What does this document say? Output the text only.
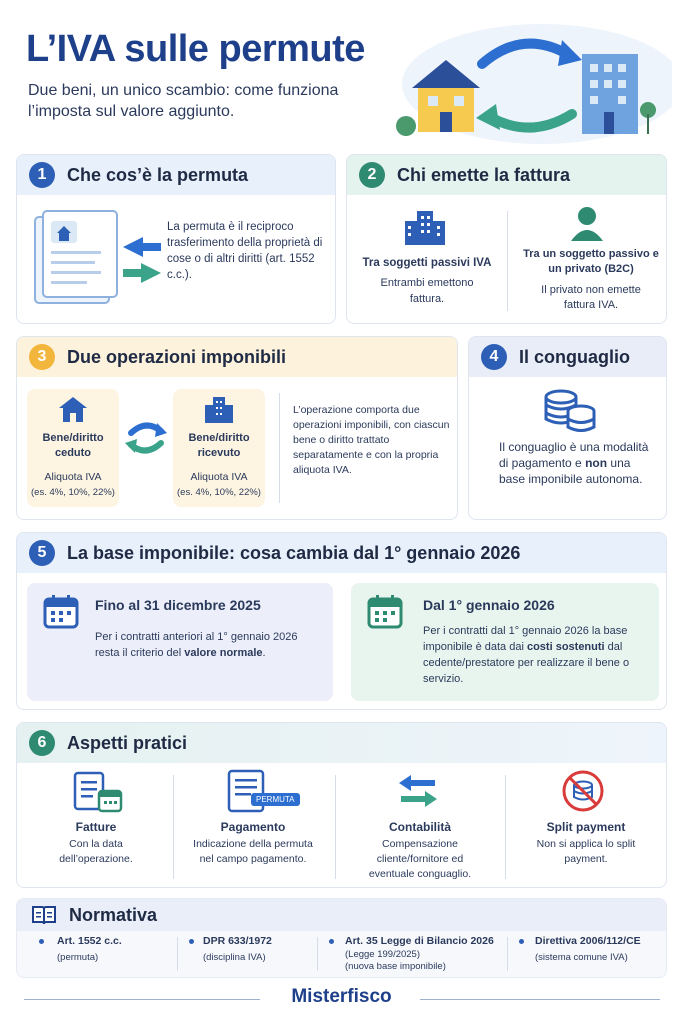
L’IVA sulle permute
Due beni, un unico scambio: come funziona l’imposta sul valore aggiunto.
1	Che cos’è la permuta
La permuta è il reciproco trasferimento della proprietà di cose o di altri diritti (art. 1552 c.c.).
2	Chi emette la fattura
Tra soggetti passivi IVA
Entrambi emettono fattura.
Tra un soggetto passivo e un privato (B2C)
Il privato non emette fattura IVA.
3	Due operazioni imponibili
Bene/diritto ceduto
Aliquota IVA
(es. 4%, 10%, 22%)
Bene/diritto ricevuto
Aliquota IVA
(es. 4%, 10%, 22%)
L’operazione comporta due operazioni imponibili, con ciascun bene o diritto trattato separatamente e con la propria aliquota IVA.
4	Il conguaglio
Il conguaglio è una modalità di pagamento e non una base imponibile autonoma.
5	La base imponibile: cosa cambia dal 1° gennaio 2026
Fino al 31 dicembre 2025
Per i contratti anteriori al 1° gennaio 2026 resta il criterio del valore normale.
Dal 1° gennaio 2026
Per i contratti dal 1° gennaio 2026 la base imponibile è data dai costi sostenuti dal cedente/prestatore per realizzare il bene o servizio.
6	Aspetti pratici
Fatture
Con la data dell’operazione.
PERMUTA
Pagamento
Indicazione della permuta nel campo pagamento.
Contabilità
Compensazione cliente/fornitore ed eventuale conguaglio.
Split payment
Non si applica lo split payment.
Normativa
Art. 1552 c.c.
(permuta)
DPR 633/1972
(disciplina IVA)
Art. 35 Legge di Bilancio 2026
(Legge 199/2025)
(nuova base imponibile)
Direttiva 2006/112/CE
(sistema comune IVA)
Misterfisco
